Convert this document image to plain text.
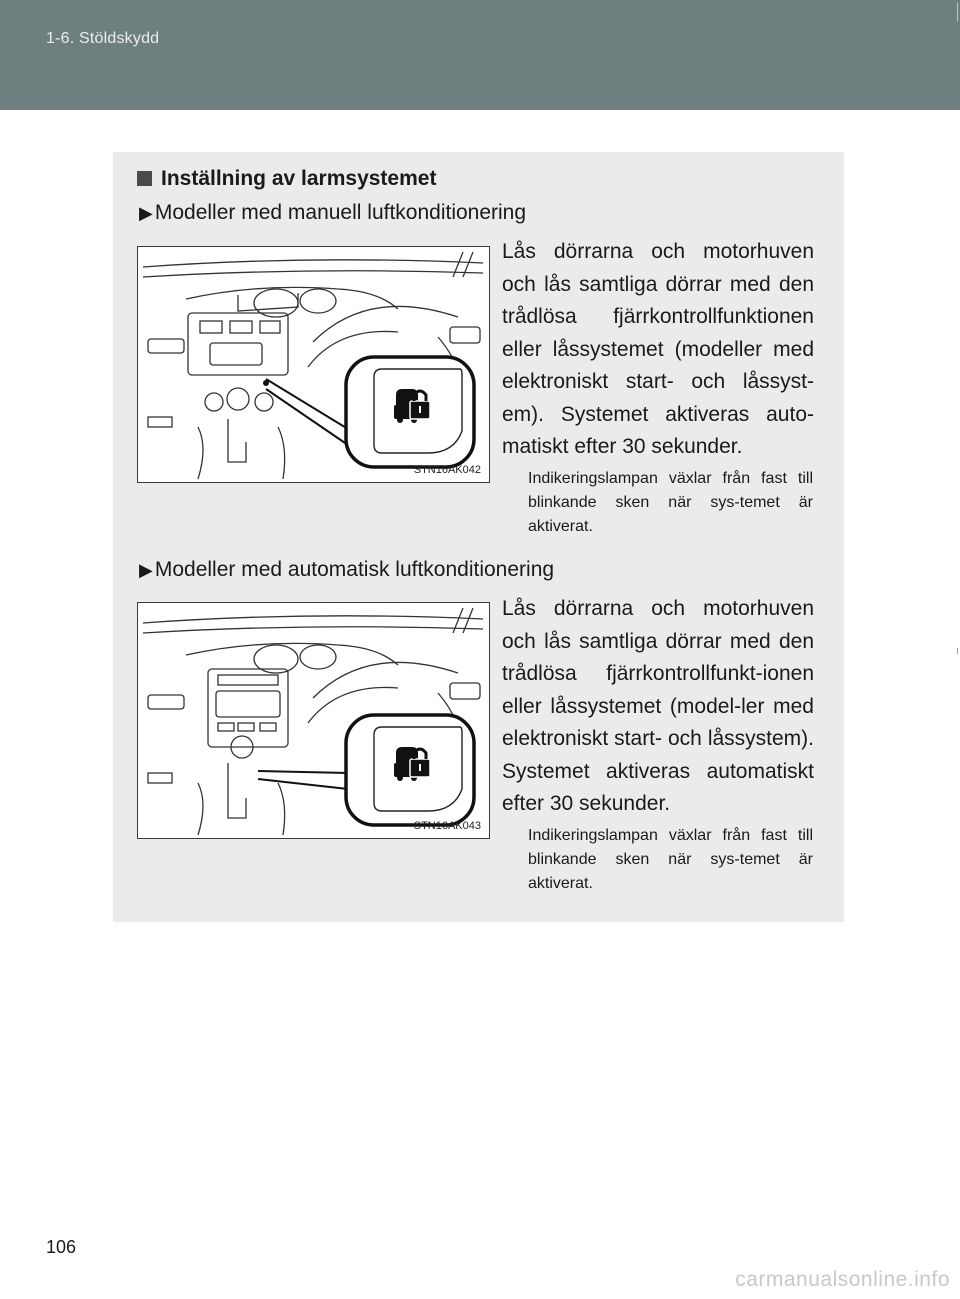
1-6. Stöldskydd
Inställning av larmsystemet
▶Modeller med manuell luftkonditionering
STN16AK042
Lås dörrarna och motorhuven och lås samtliga dörrar med den trådlösa fjärrkontrollfunktionen eller låssystemet (modeller med elektroniskt start- och låssyst-em). Systemet aktiveras auto-matiskt efter 30 sekunder.
Indikeringslampan växlar från fast till blinkande sken när sys-temet är aktiverat.
▶Modeller med automatisk luftkonditionering
STN16AK043
Lås dörrarna och motorhuven och lås samtliga dörrar med den trådlösa fjärrkontrollfunkt-ionen eller låssystemet (model-ler med elektroniskt start- och låssystem). Systemet aktiveras automatiskt efter 30 sekunder.
Indikeringslampan växlar från fast till blinkande sken när sys-temet är aktiverat.
106
carmanualsonline.info
